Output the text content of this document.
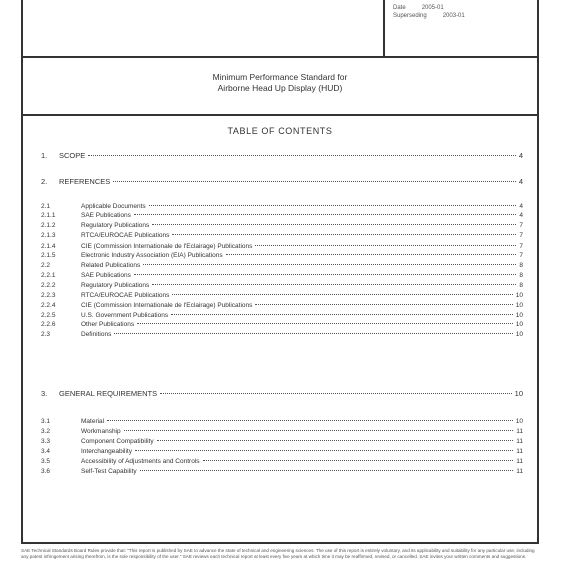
Date	2005-01
Superseding	2003-01
Minimum Performance Standard for
Airborne Head Up Display (HUD)
TABLE OF CONTENTS
1.	SCOPE	4
2.	REFERENCES	4
2.1	Applicable Documents	4
2.1.1	SAE Publications	4
2.1.2	Regulatory Publications	7
2.1.3	RTCA/EUROCAE Publications	7
2.1.4	CIE (Commission Internationale de l'Eclairage) Publications	7
2.1.5	Electronic Industry Association (EIA) Publications	7
2.2	Related Publications	8
2.2.1	SAE Publications	8
2.2.2	Regulatory Publications	8
2.2.3	RTCA/EUROCAE Publications	10
2.2.4	CIE (Commission Internationale de l'Eclairage) Publications	10
2.2.5	U.S. Government Publications	10
2.2.6	Other Publications	10
2.3	Definitions	10
3.	GENERAL REQUIREMENTS	10
3.1	Material	10
3.2	Workmanship	11
3.3	Component Compatibility	11
3.4	Interchangeability	11
3.5	Accessibility of Adjustments and Controls	11
3.6	Self-Test Capability	11
SAE Technical Standards Board Rules provide that: "This report is published by SAE to advance the state of technical and engineering sciences. The use of this report is entirely voluntary, and its applicability and suitability for any particular use, including any patent infringement arising therefrom, is the sole responsibility of the user." SAE reviews each technical report at least every five years at which time it may be reaffirmed, revised, or cancelled. SAE invites your written comments and suggestions.
